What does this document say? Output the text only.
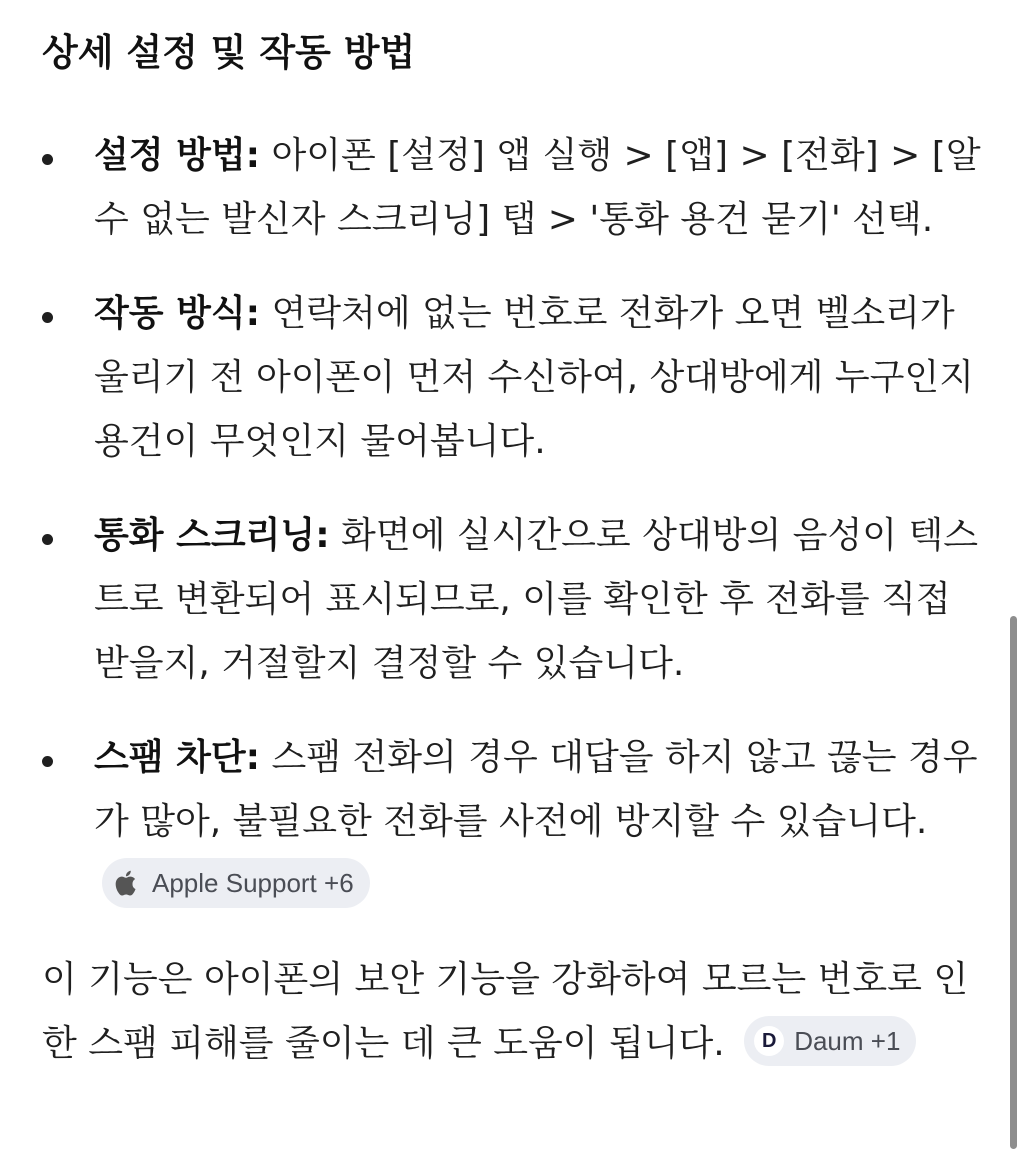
상세 설정 및 작동 방법
설정 방법: 아이폰 [설정] 앱 실행 > [앱] > [전화] > [알 수 없는 발신자 스크리닝] 탭 > '통화 용건 묻기' 선택.
작동 방식: 연락처에 없는 번호로 전화가 오면 벨소리가 울리기 전 아이폰이 먼저 수신하여, 상대방에게 누구인지 용건이 무엇인지 물어봅니다.
통화 스크리닝: 화면에 실시간으로 상대방의 음성이 텍스트로 변환되어 표시되므로, 이를 확인한 후 전화를 직접 받을지, 거절할지 결정할 수 있습니다.
스팸 차단: 스팸 전화의 경우 대답을 하지 않고 끊는 경우가 많아, 불필요한 전화를 사전에 방지할 수 있습니다.
Apple Support +6

이 기능은 아이폰의 보안 기능을 강화하여 모르는 번호로 인한 스팸 피해를 줄이는 데 큰 도움이 됩니다.	D Daum +1
